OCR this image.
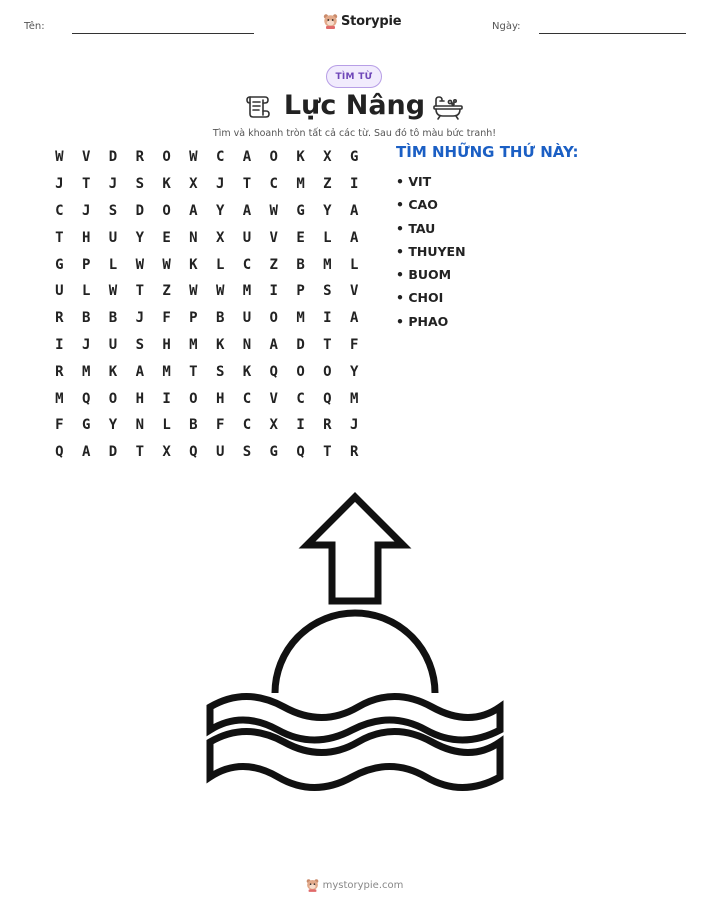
Tên:	Storypie	Ngày:
TÌM TỪ
Lực Nâng
Tìm và khoanh tròn tất cả các từ. Sau đó tô màu bức tranh!
W	V	D	R	O	W	C	A	O	K	X	G
J	T	J	S	K	X	J	T	C	M	Z	I
C	J	S	D	O	A	Y	A	W	G	Y	A
T	H	U	Y	E	N	X	U	V	E	L	A
G	P	L	W	W	K	L	C	Z	B	M	L
U	L	W	T	Z	W	W	M	I	P	S	V
R	B	B	J	F	P	B	U	O	M	I	A
I	J	U	S	H	M	K	N	A	D	T	F
R	M	K	A	M	T	S	K	Q	O	O	Y
M	Q	O	H	I	O	H	C	V	C	Q	M
F	G	Y	N	L	B	F	C	X	I	R	J
Q	A	D	T	X	Q	U	S	G	Q	T	R
TÌM NHỮNG THỨ NÀY:
• VIT
• CAO
• TAU
• THUYEN
• BUOM
• CHOI
• PHAO
mystorypie.com
